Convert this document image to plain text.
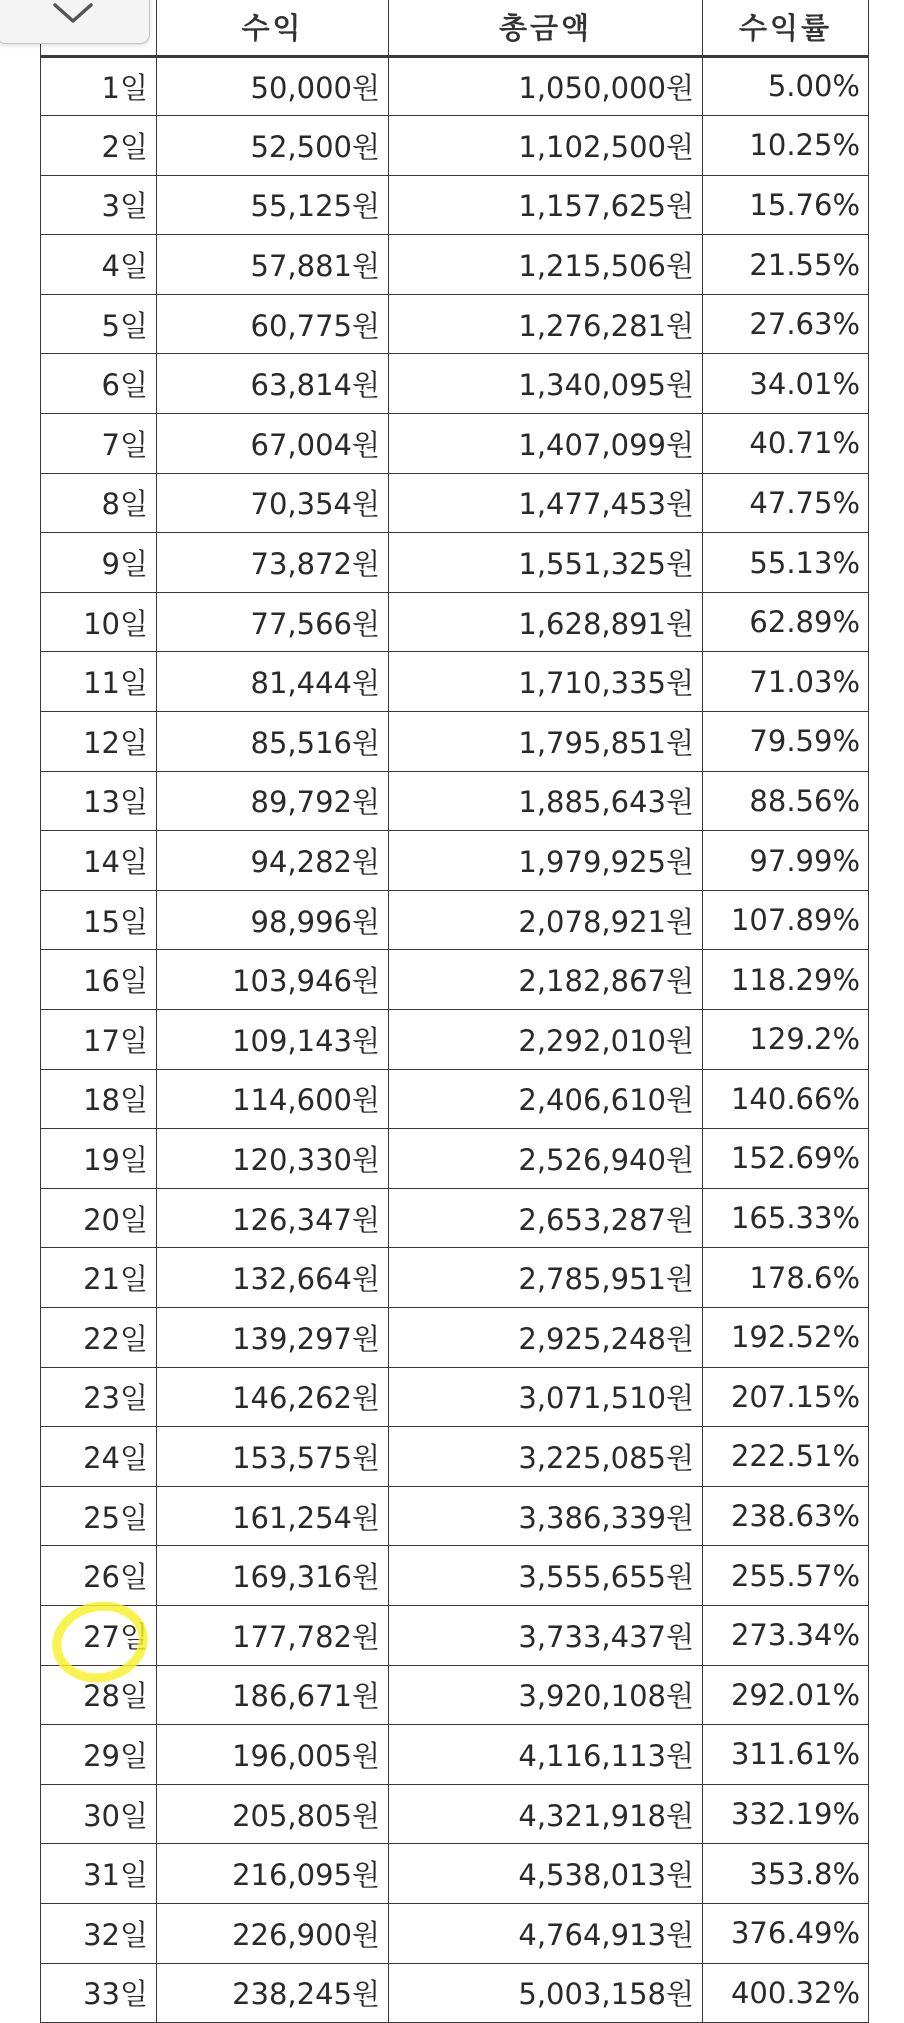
	수익	총금액	수익률
1일	50,000원	1,050,000원	5.00%
2일	52,500원	1,102,500원	10.25%
3일	55,125원	1,157,625원	15.76%
4일	57,881원	1,215,506원	21.55%
5일	60,775원	1,276,281원	27.63%
6일	63,814원	1,340,095원	34.01%
7일	67,004원	1,407,099원	40.71%
8일	70,354원	1,477,453원	47.75%
9일	73,872원	1,551,325원	55.13%
10일	77,566원	1,628,891원	62.89%
11일	81,444원	1,710,335원	71.03%
12일	85,516원	1,795,851원	79.59%
13일	89,792원	1,885,643원	88.56%
14일	94,282원	1,979,925원	97.99%
15일	98,996원	2,078,921원	107.89%
16일	103,946원	2,182,867원	118.29%
17일	109,143원	2,292,010원	129.2%
18일	114,600원	2,406,610원	140.66%
19일	120,330원	2,526,940원	152.69%
20일	126,347원	2,653,287원	165.33%
21일	132,664원	2,785,951원	178.6%
22일	139,297원	2,925,248원	192.52%
23일	146,262원	3,071,510원	207.15%
24일	153,575원	3,225,085원	222.51%
25일	161,254원	3,386,339원	238.63%
26일	169,316원	3,555,655원	255.57%
27일	177,782원	3,733,437원	273.34%
28일	186,671원	3,920,108원	292.01%
29일	196,005원	4,116,113원	311.61%
30일	205,805원	4,321,918원	332.19%
31일	216,095원	4,538,013원	353.8%
32일	226,900원	4,764,913원	376.49%
33일	238,245원	5,003,158원	400.32%
